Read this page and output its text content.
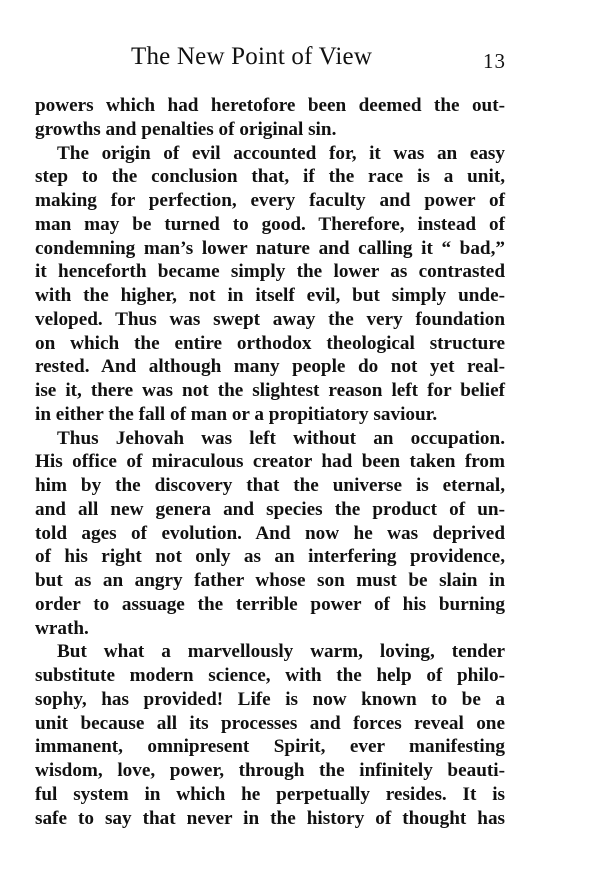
The New Point of View	13
powers which had heretofore been deemed the out-
growths and penalties of original sin.
The origin of evil accounted for, it was an easy
step to the conclusion that, if the race is a unit,
making for perfection, every faculty and power of
man may be turned to good. Therefore, instead of
condemning man’s lower nature and calling it “ bad,”
it henceforth became simply the lower as contrasted
with the higher, not in itself evil, but simply unde-
veloped. Thus was swept away the very foundation
on which the entire orthodox theological structure
rested. And although many people do not yet real-
ise it, there was not the slightest reason left for belief
in either the fall of man or a propitiatory saviour.
Thus Jehovah was left without an occupation.
His office of miraculous creator had been taken from
him by the discovery that the universe is eternal,
and all new genera and species the product of un-
told ages of evolution. And now he was deprived
of his right not only as an interfering providence,
but as an angry father whose son must be slain in
order to assuage the terrible power of his burning
wrath.
But what a marvellously warm, loving, tender
substitute modern science, with the help of philo-
sophy, has provided! Life is now known to be a
unit because all its processes and forces reveal one
immanent, omnipresent Spirit, ever manifesting
wisdom, love, power, through the infinitely beauti-
ful system in which he perpetually resides. It is
safe to say that never in the history of thought has
